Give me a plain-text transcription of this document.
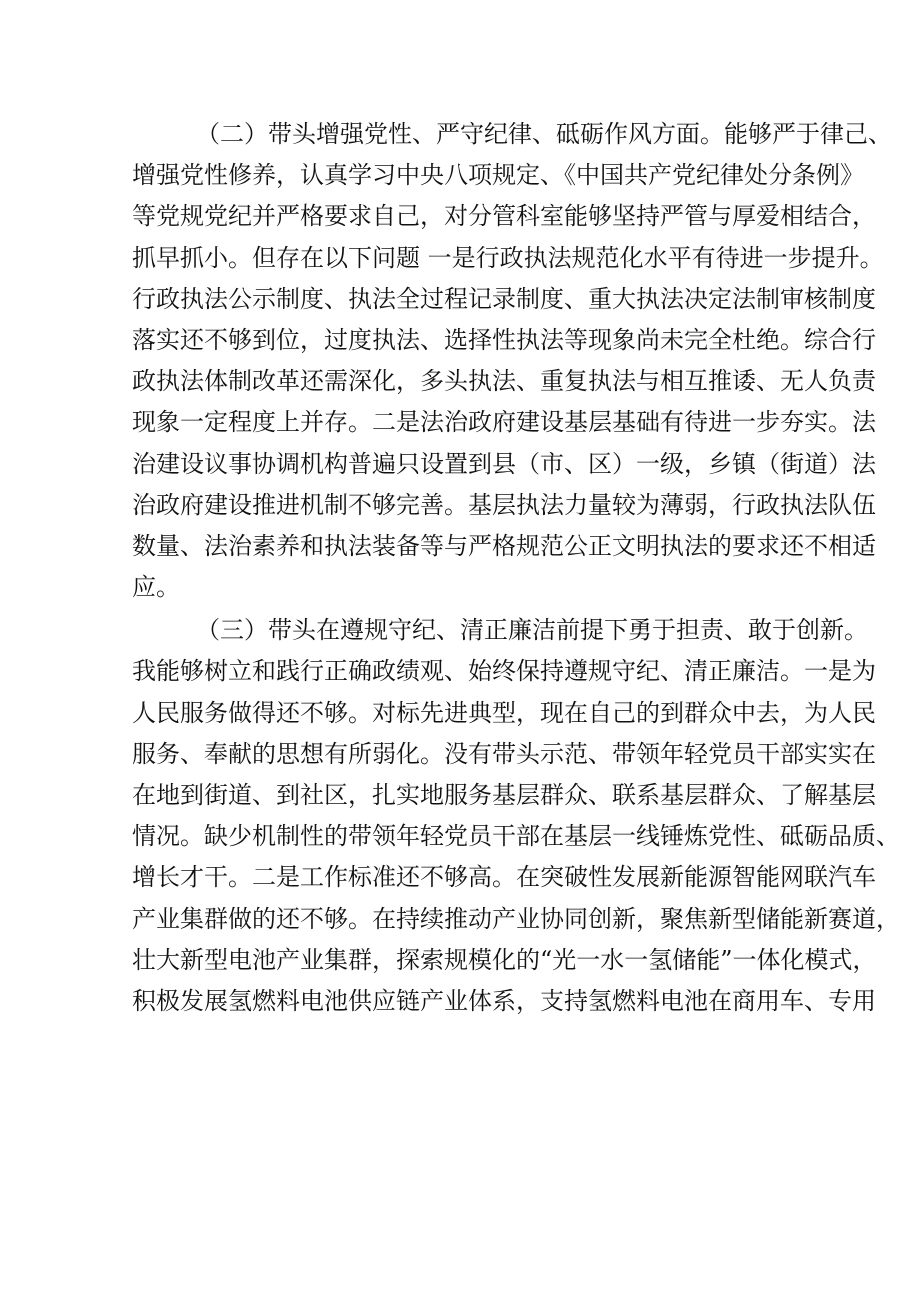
（二）带头增强党性、严守纪律、砥砺作风方面。能够严于律己、
增强党性修养，认真学习中央八项规定、《中国共产党纪律处分条例》
等党规党纪并严格要求自己，对分管科室能够坚持严管与厚爱相结合，
抓早抓小。但存在以下问题 一是行政执法规范化水平有待进一步提升。
行政执法公示制度、执法全过程记录制度、重大执法决定法制审核制度
落实还不够到位，过度执法、选择性执法等现象尚未完全杜绝。综合行
政执法体制改革还需深化，多头执法、重复执法与相互推诿、无人负责
现象一定程度上并存。二是法治政府建设基层基础有待进一步夯实。法
治建设议事协调机构普遍只设置到县（市、区）一级，乡镇（街道）法
治政府建设推进机制不够完善。基层执法力量较为薄弱，行政执法队伍
数量、法治素养和执法装备等与严格规范公正文明执法的要求还不相适
应。
（三）带头在遵规守纪、清正廉洁前提下勇于担责、敢于创新。
我能够树立和践行正确政绩观、始终保持遵规守纪、清正廉洁。一是为
人民服务做得还不够。对标先进典型，现在自己的到群众中去，为人民
服务、奉献的思想有所弱化。没有带头示范、带领年轻党员干部实实在
在地到街道、到社区，扎实地服务基层群众、联系基层群众、了解基层
情况。缺少机制性的带领年轻党员干部在基层一线锤炼党性、砥砺品质、
增长才干。二是工作标准还不够高。在突破性发展新能源智能网联汽车
产业集群做的还不够。在持续推动产业协同创新，聚焦新型储能新赛道，
壮大新型电池产业集群，探索规模化的“光一水一氢储能”一体化模式，
积极发展氢燃料电池供应链产业体系，支持氢燃料电池在商用车、专用
